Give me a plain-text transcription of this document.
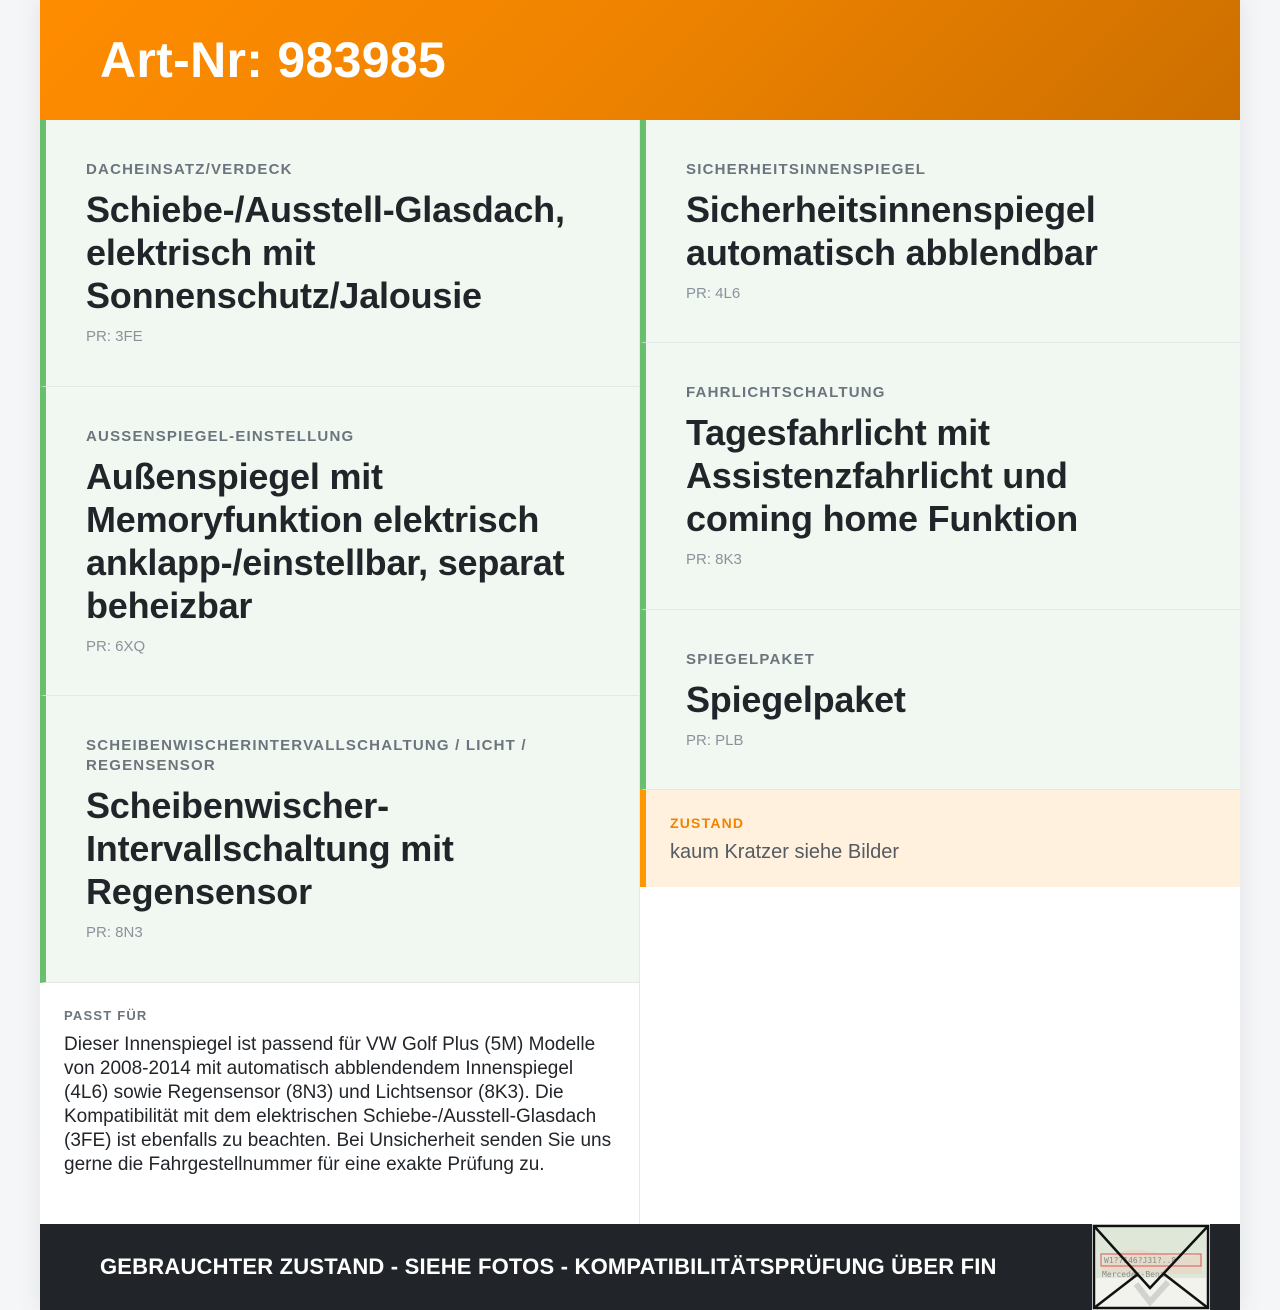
Art-Nr: 983985
DACHEINSATZ/VERDECK
Schiebe-/Ausstell-Glasdach, elektrisch mit Sonnenschutz/Jalousie
PR: 3FE
AUSSENSPIEGEL-EINSTELLUNG
Außenspiegel mit Memoryfunktion elektrisch anklapp-/einstellbar, separat beheizbar
PR: 6XQ
SCHEIBENWISCHERINTERVALLSCHALTUNG / LICHT / REGENSENSOR
Scheibenwischer-Intervallschaltung mit Regensensor
PR: 8N3
PASST FÜR
Dieser Innenspiegel ist passend für VW Golf Plus (5M) Modelle von 2008-2014 mit automatisch abblendendem Innenspiegel (4L6) sowie Regensensor (8N3) und Lichtsensor (8K3). Die Kompatibilität mit dem elektrischen Schiebe-/Ausstell-Glasdach (3FE) ist ebenfalls zu beachten. Bei Unsicherheit senden Sie uns gerne die Fahrgestellnummer für eine exakte Prüfung zu.
SICHERHEITSINNENSPIEGEL
Sicherheitsinnenspiegel automatisch abblendbar
PR: 4L6
FAHRLICHTSCHALTUNG
Tagesfahrlicht mit Assistenzfahrlicht und coming home Funktion
PR: 8K3
SPIEGELPAKET
Spiegelpaket
PR: PLB
ZUSTAND
kaum Kratzer siehe Bilder
GEBRAUCHTER ZUSTAND - SIEHE FOTOS - KOMPATIBILITÄTSPRÜFUNG ÜBER FIN	W1?7146?J31?..8
Mercedes-Benz
